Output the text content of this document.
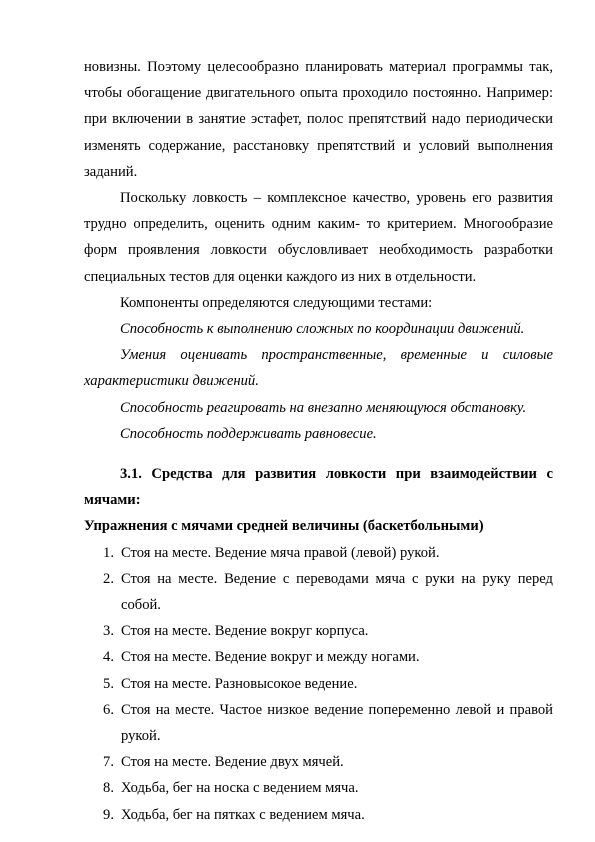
новизны. Поэтому целесообразно планировать материал программы так, чтобы обогащение двигательного опыта проходило постоянно. Например: при включении в занятие эстафет, полос препятствий надо периодически изменять содержание, расстановку препятствий и условий выполнения заданий.

Поскольку ловкость – комплексное качество, уровень его развития трудно определить, оценить одним каким- то критерием. Многообразие форм проявления ловкости обусловливает необходимость разработки специальных тестов для оценки каждого из них в отдельности.

Компоненты определяются следующими тестами:

Способность к выполнению сложных по координации движений.

Умения оценивать пространственные, временные и силовые характеристики движений.

Способность реагировать на внезапно меняющуюся обстановку.

Способность поддерживать равновесие.

3.1. Средства для развития ловкости при взаимодействии с мячами:

Упражнения с мячами средней величины (баскетбольными)

1. Стоя на месте. Ведение мяча правой (левой) рукой.
2. Стоя на месте. Ведение с переводами мяча с руки на руку перед собой.
3. Стоя на месте. Ведение вокруг корпуса.
4. Стоя на месте. Ведение вокруг и между ногами.
5. Стоя на месте. Разновысокое ведение.
6. Стоя на месте. Частое низкое ведение попеременно левой и правой рукой.
7. Стоя на месте. Ведение двух мячей.
8. Ходьба, бег на носка с ведением мяча.
9. Ходьба, бег на пятках с ведением мяча.
